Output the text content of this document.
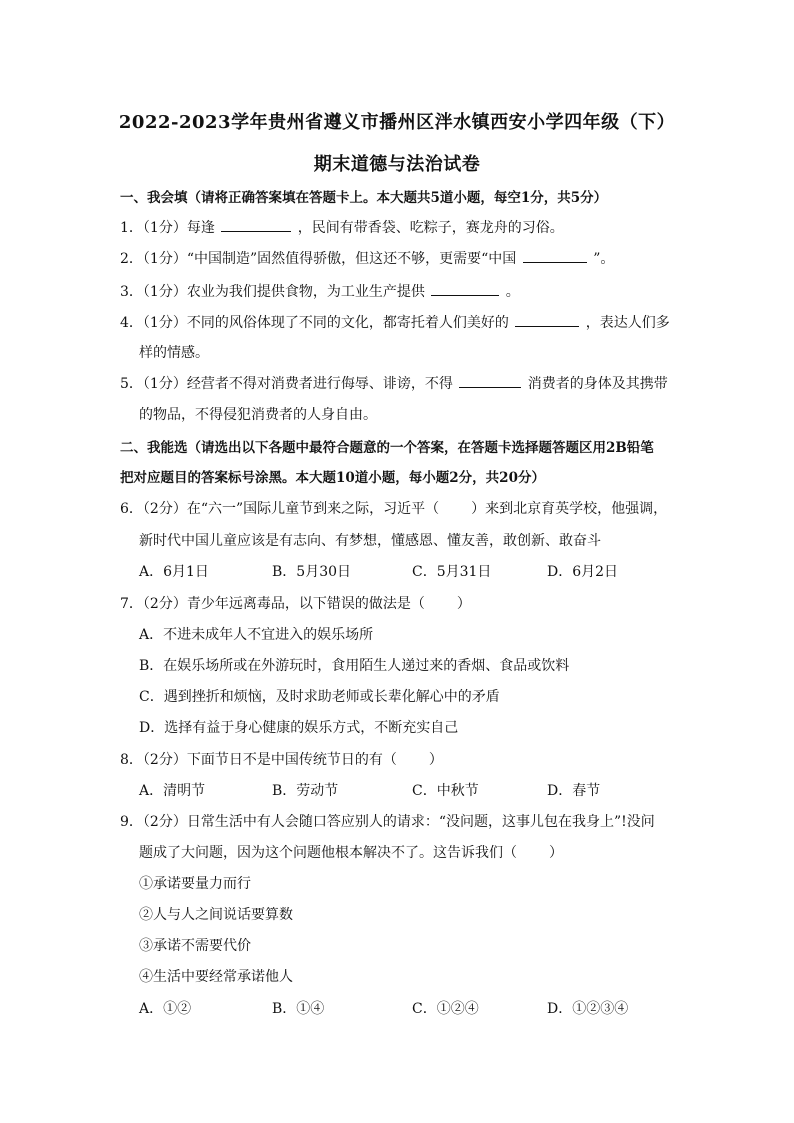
2022-2023学年贵州省遵义市播州区泮水镇西安小学四年级（下）
期末道德与法治试卷
一、我会填（请将正确答案填在答题卡上。本大题共5道小题，每空1分，共5分）
1．（1分）每逢	，民间有带香袋、吃粽子，赛龙舟的习俗。
2．（1分）“中国制造”固然值得骄傲，但这还不够，更需要“中国	”。
3．（1分）农业为我们提供食物，为工业生产提供	。
4．（1分）不同的风俗体现了不同的文化，都寄托着人们美好的	，表达人们多
样的情感。
5．（1分）经营者不得对消费者进行侮辱、诽谤，不得	消费者的身体及其携带
的物品，不得侵犯消费者的人身自由。
二、我能选（请选出以下各题中最符合题意的一个答案，在答题卡选择题答题区用2B铅笔
把对应题目的答案标号涂黑。本大题10道小题，每小题2分，共20分）
6．（2分）在“六一”国际儿童节到来之际，习近平（ ）来到北京育英学校，他强调，
新时代中国儿童应该是有志向、有梦想，懂感恩、懂友善，敢创新、敢奋斗
A．6月1日	B．5月30日	C．5月31日	D．6月2日
7．（2分）青少年远离毒品，以下错误的做法是（ ）
A．不进未成年人不宜进入的娱乐场所
B．在娱乐场所或在外游玩时，食用陌生人递过来的香烟、食品或饮料
C．遇到挫折和烦恼，及时求助老师或长辈化解心中的矛盾
D．选择有益于身心健康的娱乐方式，不断充实自己
8．（2分）下面节日不是中国传统节日的有（ ）
A．清明节	B．劳动节	C．中秋节	D．春节
9．（2分）日常生活中有人会随口答应别人的请求：“没问题，这事儿包在我身上”!没问
题成了大问题，因为这个问题他根本解决不了。这告诉我们（ ）
①承诺要量力而行
②人与人之间说话要算数
③承诺不需要代价
④生活中要经常承诺他人
A．①②	B．①④	C．①②④	D．①②③④
